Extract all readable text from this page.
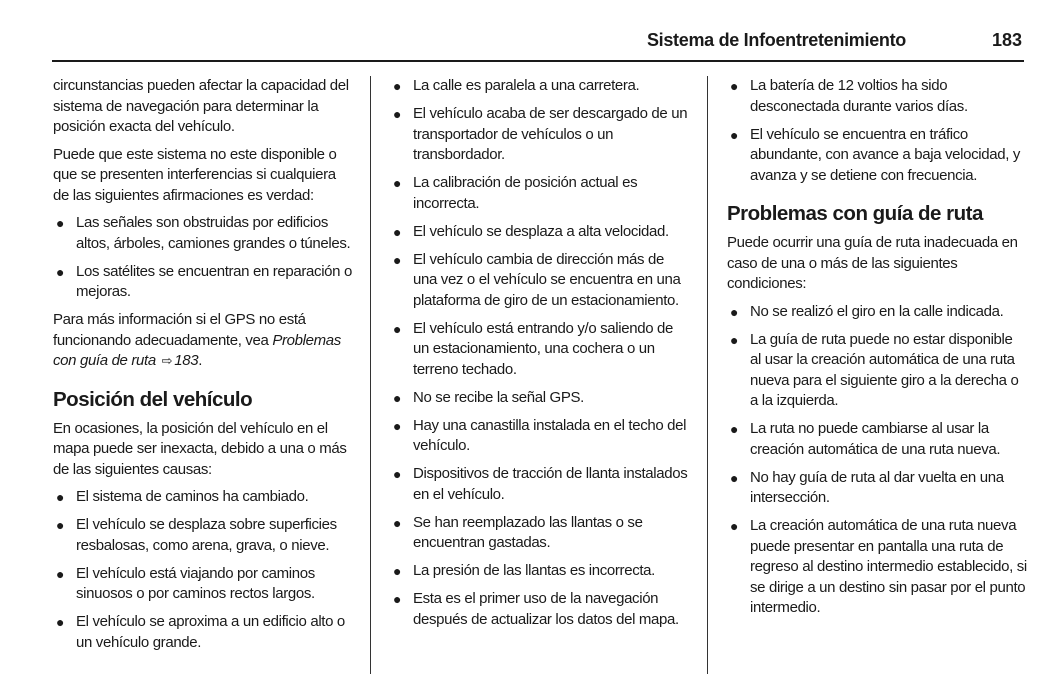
Sistema de Infoentretenimiento	183

circunstancias pueden afectar la capacidad del sistema de navegación para determinar la posición exacta del vehículo.

Puede que este sistema no este disponible o que se presenten interferencias si cualquiera de las siguientes afirmaciones es verdad:

● Las señales son obstruidas por edificios altos, árboles, camiones grandes o túneles.
● Los satélites se encuentran en reparación o mejoras.

Para más información si el GPS no está funcionando adecuadamente, vea Problemas con guía de ruta ⇨ 183.

Posición del vehículo

En ocasiones, la posición del vehículo en el mapa puede ser inexacta, debido a una o más de las siguientes causas:

● El sistema de caminos ha cambiado.
● El vehículo se desplaza sobre superficies resbalosas, como arena, grava, o nieve.
● El vehículo está viajando por caminos sinuosos o por caminos rectos largos.
● El vehículo se aproxima a un edificio alto o un vehículo grande.
● La calle es paralela a una carretera.
● El vehículo acaba de ser descargado de un transportador de vehículos o un transbordador.
● La calibración de posición actual es incorrecta.
● El vehículo se desplaza a alta velocidad.
● El vehículo cambia de dirección más de una vez o el vehículo se encuentra en una plataforma de giro de un estacionamiento.
● El vehículo está entrando y/o saliendo de un estacionamiento, una cochera o un terreno techado.
● No se recibe la señal GPS.
● Hay una canastilla instalada en el techo del vehículo.
● Dispositivos de tracción de llanta instalados en el vehículo.
● Se han reemplazado las llantas o se encuentran gastadas.
● La presión de las llantas es incorrecta.
● Esta es el primer uso de la navegación después de actualizar los datos del mapa.
● La batería de 12 voltios ha sido desconectada durante varios días.
● El vehículo se encuentra en tráfico abundante, con avance a baja velocidad, y avanza y se detiene con frecuencia.
Problemas con guía de ruta

Puede ocurrir una guía de ruta inadecuada en caso de una o más de las siguientes condiciones:

● No se realizó el giro en la calle indicada.
● La guía de ruta puede no estar disponible al usar la creación automática de una ruta nueva para el siguiente giro a la derecha o a la izquierda.
● La ruta no puede cambiarse al usar la creación automática de una ruta nueva.
● No hay guía de ruta al dar vuelta en una intersección.
● La creación automática de una ruta nueva puede presentar en pantalla una ruta de regreso al destino intermedio establecido, si se dirige a un destino sin pasar por el punto intermedio.
